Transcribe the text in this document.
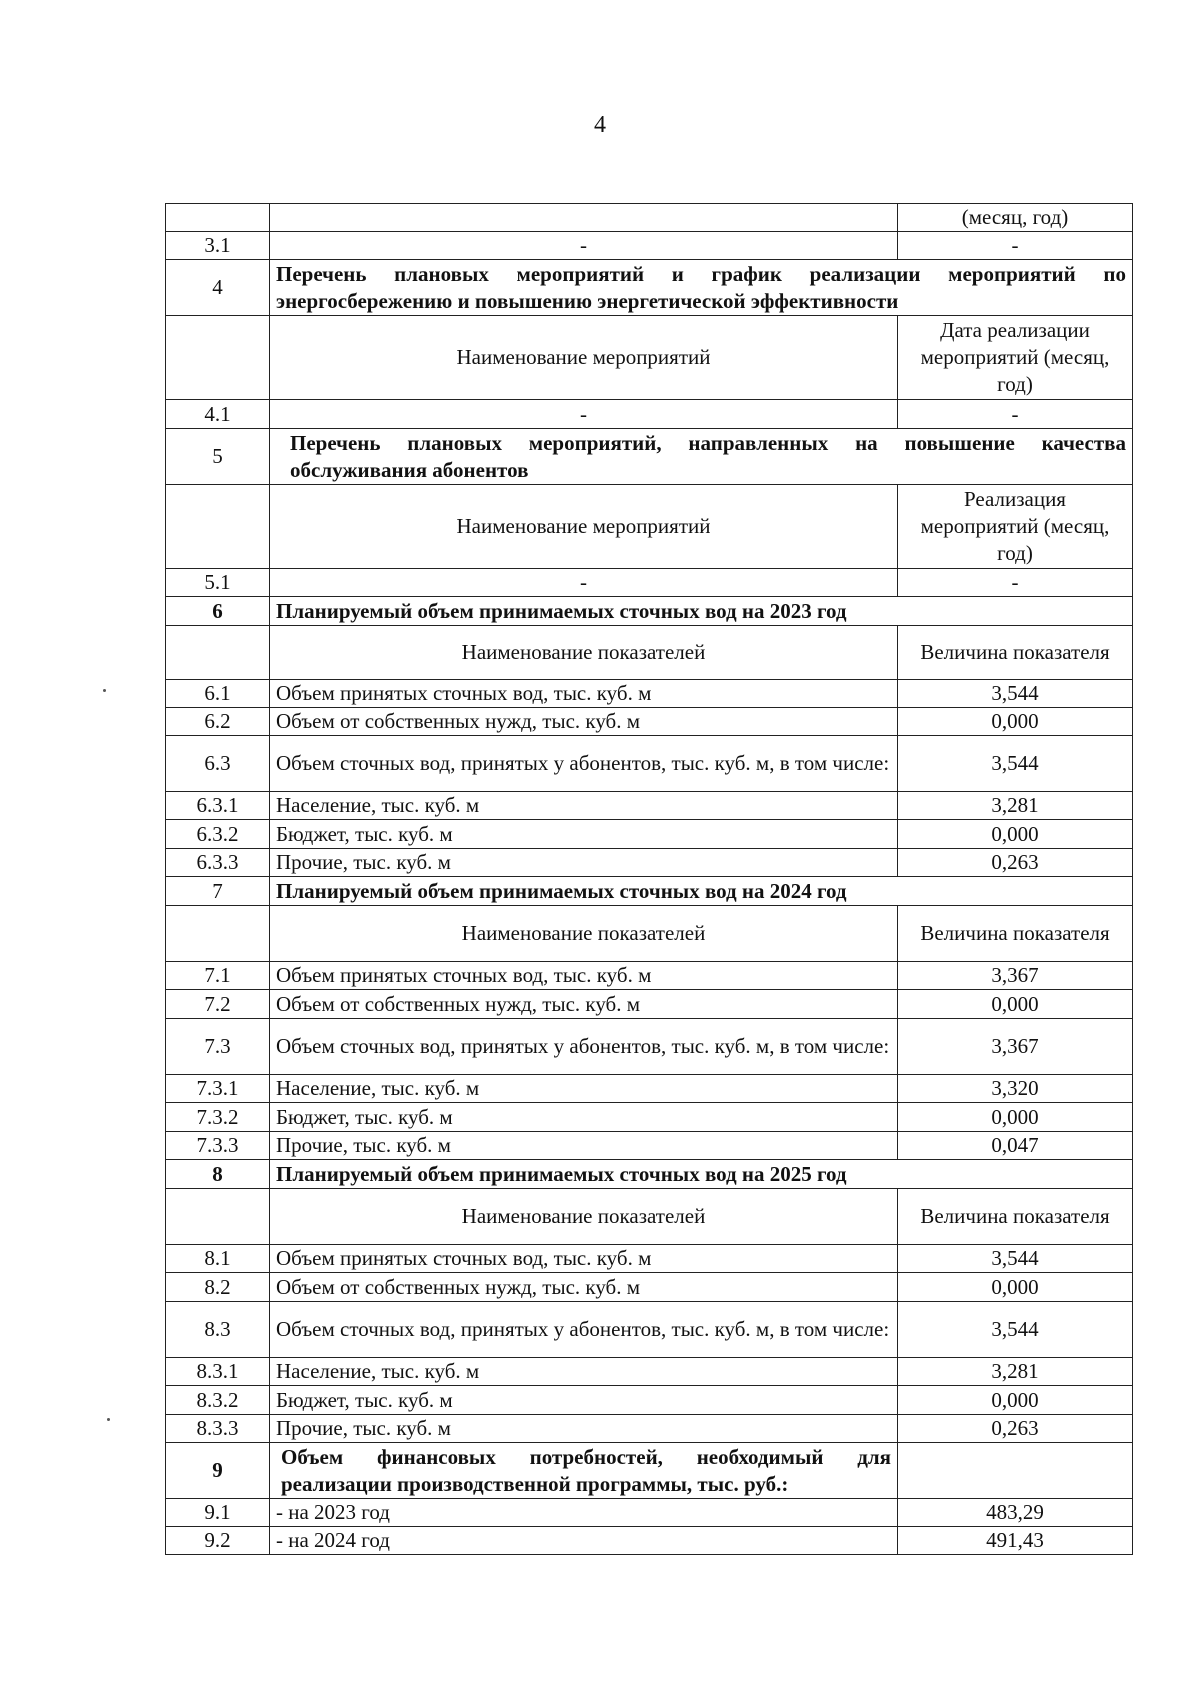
4
		(месяц, год)
3.1	-	-
4	Перечень плановых мероприятий и график реализации мероприятий по энергосбережению и повышению энергетической эффективности	
	Наименование мероприятий	Дата реализации мероприятий (месяц, год)
4.1	-	-
5	Перечень плановых мероприятий, направленных на повышение качества обслуживания абонентов	
	Наименование мероприятий	Реализация мероприятий (месяц, год)
5.1	-	-
6	Планируемый объем принимаемых сточных вод на 2023 год	
	Наименование показателей	Величина показателя
6.1	Объем принятых сточных вод, тыс. куб. м	3,544
6.2	Объем от собственных нужд, тыс. куб. м	0,000
6.3	Объем сточных вод, принятых у абонентов, тыс. куб. м, в том числе:	3,544
6.3.1	Население, тыс. куб. м	3,281
6.3.2	Бюджет, тыс. куб. м	0,000
6.3.3	Прочие, тыс. куб. м	0,263
7	Планируемый объем принимаемых сточных вод на 2024 год	
	Наименование показателей	Величина показателя
7.1	Объем принятых сточных вод, тыс. куб. м	3,367
7.2	Объем от собственных нужд, тыс. куб. м	0,000
7.3	Объем сточных вод, принятых у абонентов, тыс. куб. м, в том числе:	3,367
7.3.1	Население, тыс. куб. м	3,320
7.3.2	Бюджет, тыс. куб. м	0,000
7.3.3	Прочие, тыс. куб. м	0,047
8	Планируемый объем принимаемых сточных вод на 2025 год	
	Наименование показателей	Величина показателя
8.1	Объем принятых сточных вод, тыс. куб. м	3,544
8.2	Объем от собственных нужд, тыс. куб. м	0,000
8.3	Объем сточных вод, принятых у абонентов, тыс. куб. м, в том числе:	3,544
8.3.1	Население, тыс. куб. м	3,281
8.3.2	Бюджет, тыс. куб. м	0,000
8.3.3	Прочие, тыс. куб. м	0,263
9	Объем финансовых потребностей, необходимый для реализации производственной программы, тыс. руб.:	
9.1	- на 2023 год	483,29
9.2	- на 2024 год	491,43
